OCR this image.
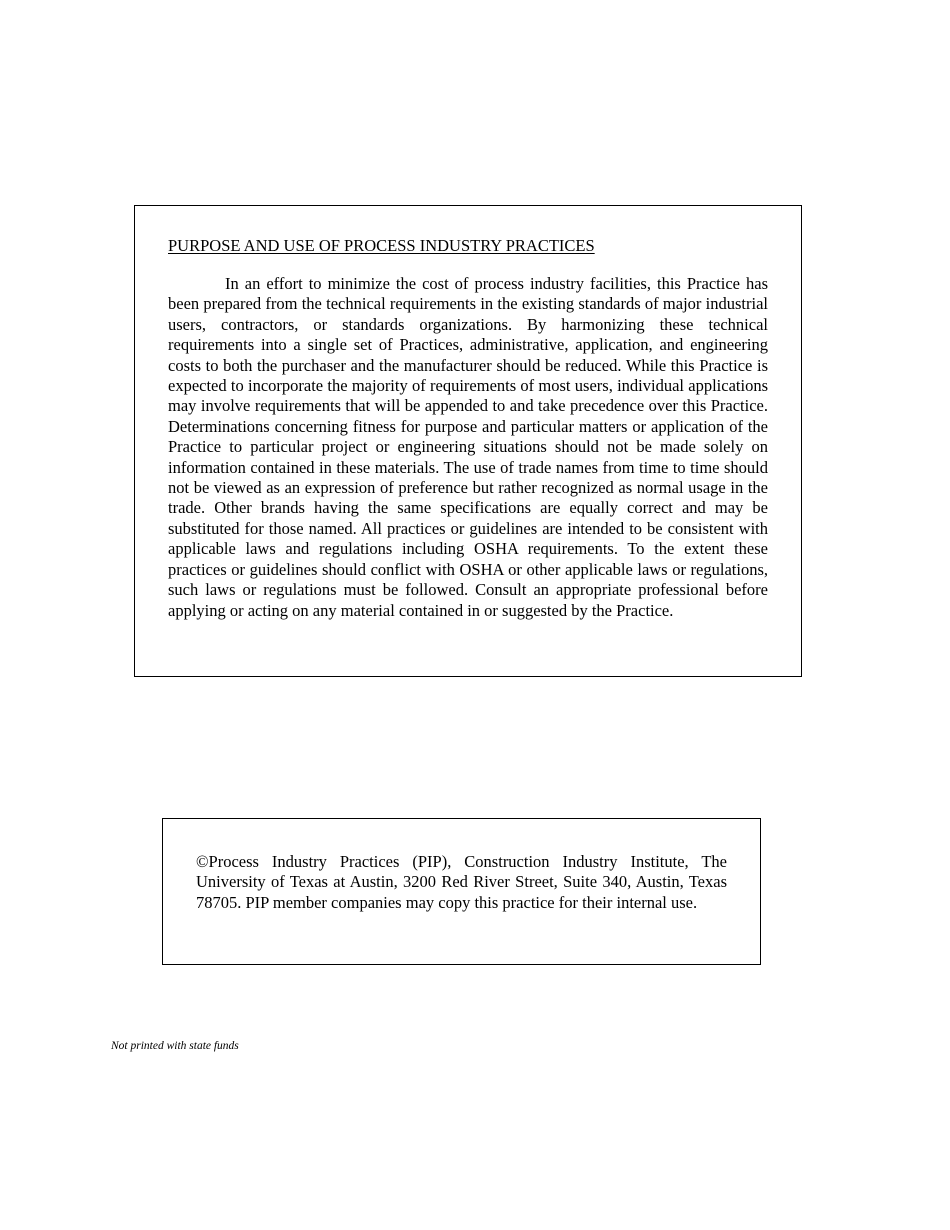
PURPOSE AND USE OF PROCESS INDUSTRY PRACTICES

In an effort to minimize the cost of process industry facilities, this Practice has been prepared from the technical requirements in the existing standards of major industrial users, contractors, or standards organizations. By harmonizing these technical requirements into a single set of Practices, administrative, application, and engineering costs to both the purchaser and the manufacturer should be reduced. While this Practice is expected to incorporate the majority of requirements of most users, individual applications may involve requirements that will be appended to and take precedence over this Practice. Determinations concerning fitness for purpose and particular matters or application of the Practice to particular project or engineering situations should not be made solely on information contained in these materials. The use of trade names from time to time should not be viewed as an expression of preference but rather recognized as normal usage in the trade. Other brands having the same specifications are equally correct and may be substituted for those named. All practices or guidelines are intended to be consistent with applicable laws and regulations including OSHA requirements. To the extent these practices or guidelines should conflict with OSHA or other applicable laws or regulations, such laws or regulations must be followed. Consult an appropriate professional before applying or acting on any material contained in or suggested by the Practice.

©Process Industry Practices (PIP), Construction Industry Institute, The University of Texas at Austin, 3200 Red River Street, Suite 340, Austin, Texas 78705. PIP member companies may copy this practice for their internal use.

Not printed with state funds
